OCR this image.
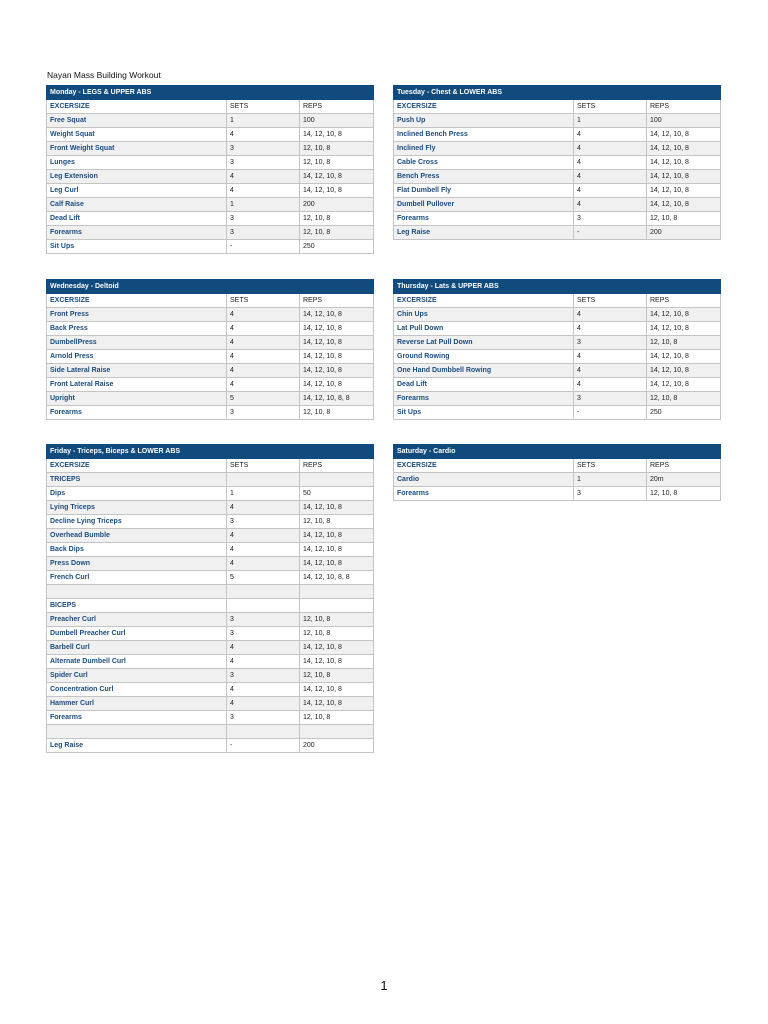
Nayan Mass Building Workout
Monday - LEGS & UPPER ABS		
EXCERSIZE	SETS	REPS
Free Squat	1	100
Weight Squat	4	14, 12, 10, 8
Front Weight Squat	3	12, 10, 8
Lunges	3	12, 10, 8
Leg Extension	4	14, 12, 10, 8
Leg Curl	4	14, 12, 10, 8
Calf Raise	1	200
Dead Lift	3	12, 10, 8
Forearms	3	12, 10, 8
Sit Ups	-	250
Tuesday - Chest & LOWER ABS		
EXCERSIZE	SETS	REPS
Push Up	1	100
Inclined Bench Press	4	14, 12, 10, 8
Inclined Fly	4	14, 12, 10, 8
Cable Cross	4	14, 12, 10, 8
Bench Press	4	14, 12, 10, 8
Flat Dumbell Fly	4	14, 12, 10, 8
Dumbell Pullover	4	14, 12, 10, 8
Forearms	3	12, 10, 8
Leg Raise	-	200
Wednesday - Deltoid		
EXCERSIZE	SETS	REPS
Front Press	4	14, 12, 10, 8
Back Press	4	14, 12, 10, 8
DumbellPress	4	14, 12, 10, 8
Arnold Press	4	14, 12, 10, 8
Side Lateral Raise	4	14, 12, 10, 8
Front Lateral Raise	4	14, 12, 10, 8
Upright	5	14, 12, 10, 8, 8
Forearms	3	12, 10, 8
Thursday - Lats & UPPER ABS		
EXCERSIZE	SETS	REPS
Chin Ups	4	14, 12, 10, 8
Lat Pull Down	4	14, 12, 10, 8
Reverse Lat Pull Down	3	12, 10, 8
Ground Rowing	4	14, 12, 10, 8
One Hand Dumbbell Rowing	4	14, 12, 10, 8
Dead Lift	4	14, 12, 10, 8
Forearms	3	12, 10, 8
Sit Ups	-	250
Friday - Triceps, Biceps & LOWER ABS		
EXCERSIZE	SETS	REPS
TRICEPS		
Dips	1	50
Lying Triceps	4	14, 12, 10, 8
Decline Lying Triceps	3	12, 10, 8
Overhead Bumble	4	14, 12, 10, 8
Back Dips	4	14, 12, 10, 8
Press Down	4	14, 12, 10, 8
French Curl	5	14, 12, 10, 8, 8

BICEPS		
Preacher Curl	3	12, 10, 8
Dumbell Preacher Curl	3	12, 10, 8
Barbell Curl	4	14, 12, 10, 8
Alternate Dumbell Curl	4	14, 12, 10, 8
Spider Curl	3	12, 10, 8
Concentration Curl	4	14, 12, 10, 8
Hammer Curl	4	14, 12, 10, 8
Forearms	3	12, 10, 8

Leg Raise	-	200
Saturday - Cardio		
EXCERSIZE	SETS	REPS
Cardio	1	20m
Forearms	3	12, 10, 8
1
